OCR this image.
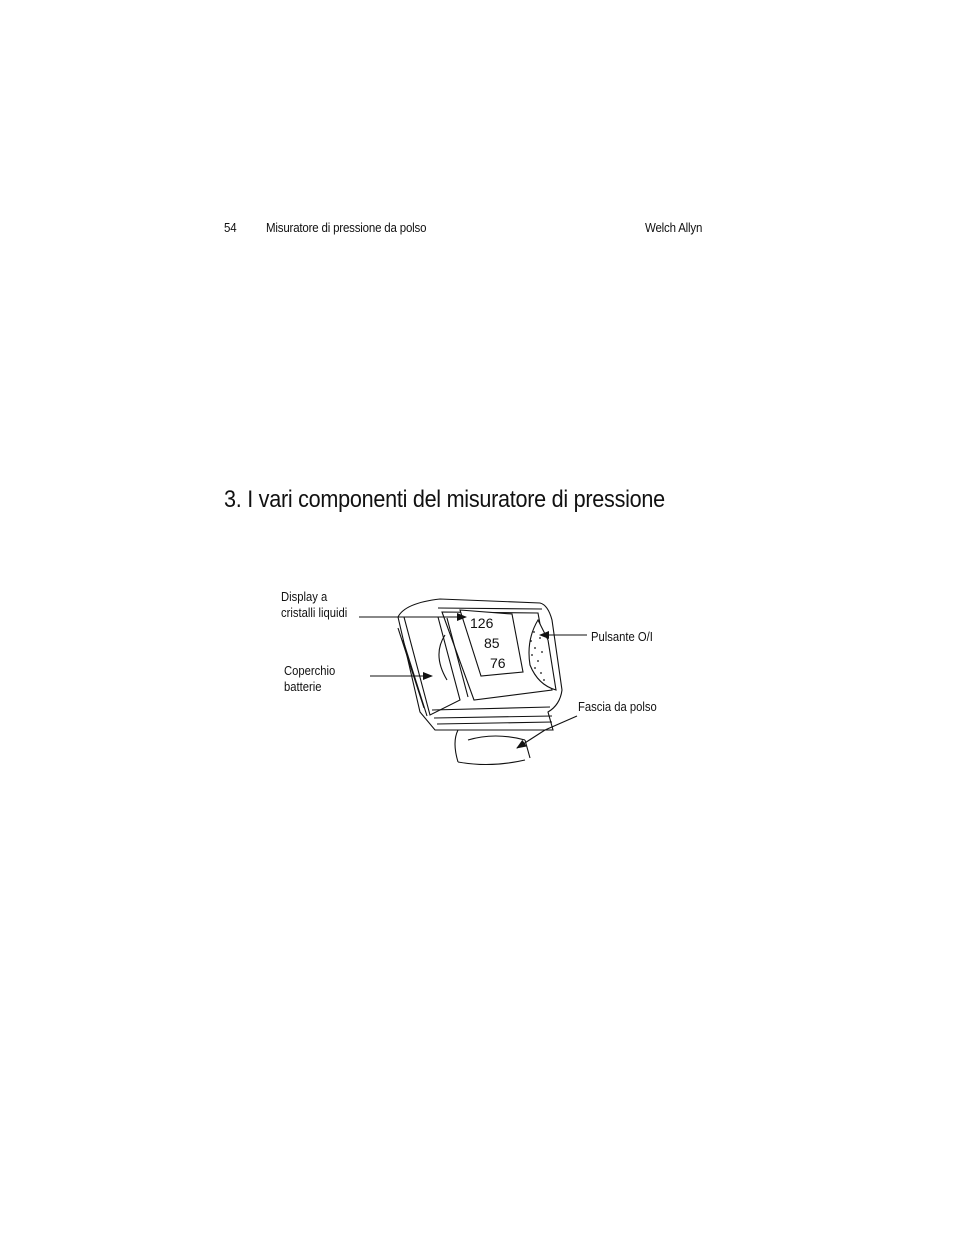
54 Misuratore di pressione da polso	Welch Allyn
3. I vari componenti del misuratore di pressione
Display a
cristalli liquidi
Coperchio
batterie
Pulsante O/I
Fascia da polso
126
85
76
